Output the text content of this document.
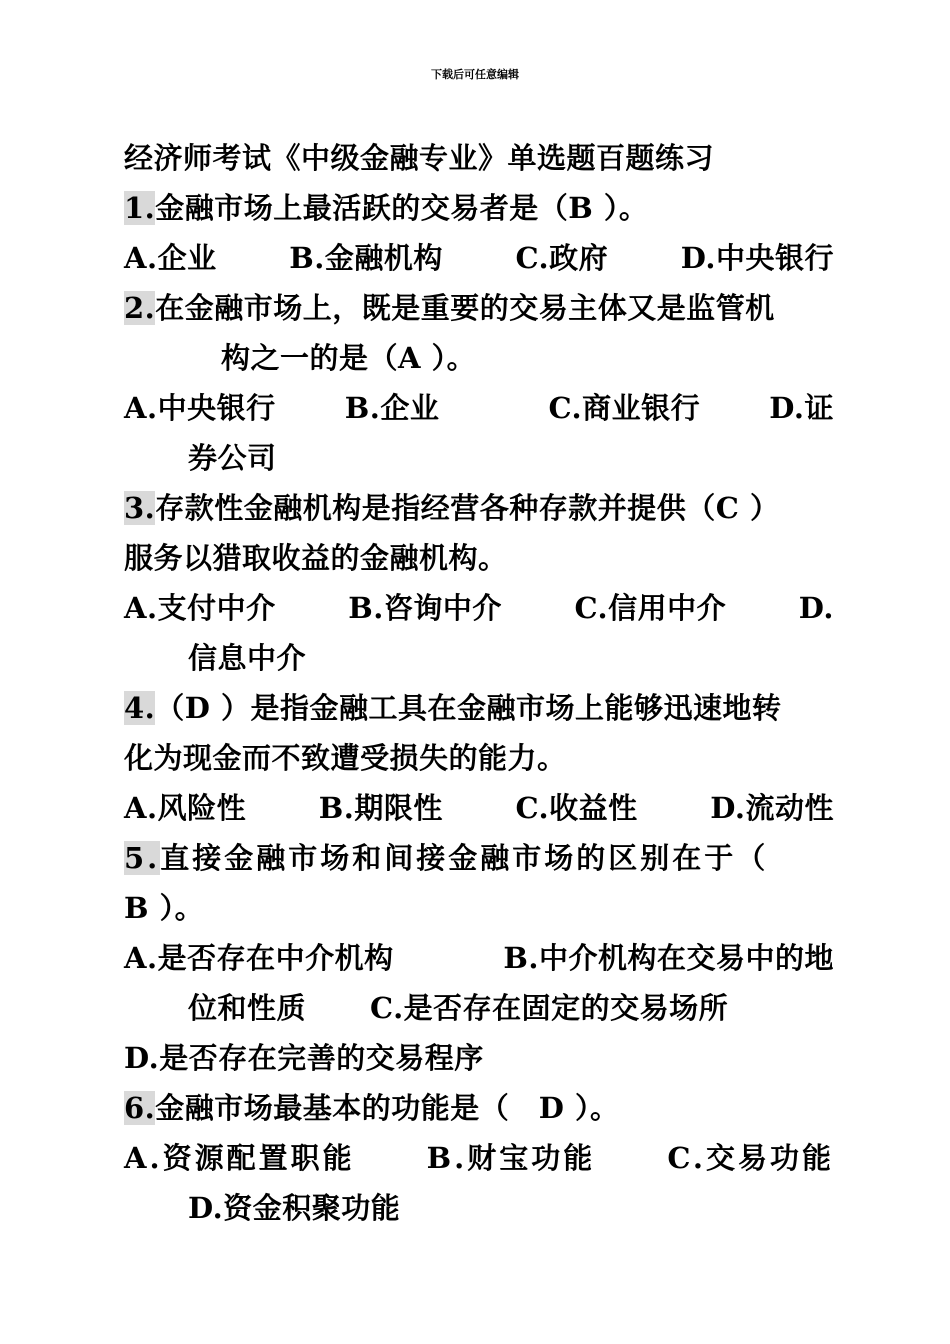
下载后可任意编辑
经济师考试《中级金融专业》单选题百题练习
1.金融市场上最活跃的交易者是（B ）。
A.企业	B.金融机构	C.政府	D.中央银行
2.在金融市场上，既是重要的交易主体又是监管机
构之一的是（A ）。
A.中央银行 B.企业	C.商业银行 D.证
券公司
3.存款性金融机构是指经营各种存款并提供（C ）
服务以猎取收益的金融机构。
A.支付中介	B.咨询中介	C.信用中介	D.
信息中介
4.（D ）是指金融工具在金融市场上能够迅速地转
化为现金而不致遭受损失的能力。
A.风险性	B.期限性	C.收益性	D.流动性
5.直接金融市场和间接金融市场的区别在于（
B ）。
A.是否存在中介机构	B.中介机构在交易中的地
位和性质 C.是否存在固定的交易场所
D.是否存在完善的交易程序
6.金融市场最基本的功能是（　D ）。
A.资源配置职能 B.财宝功能 C.交易功能
D.资金积聚功能
